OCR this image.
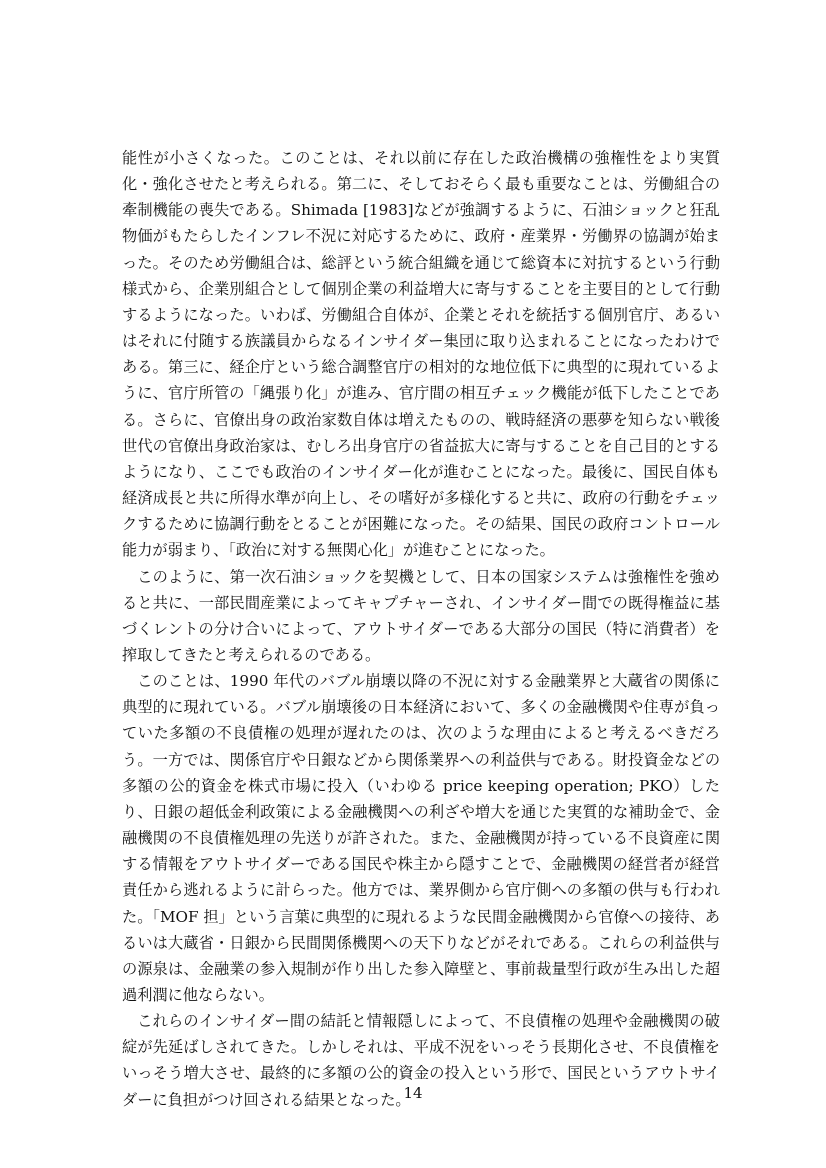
能性が小さくなった。このことは、それ以前に存在した政治機構の強権性をより実質化・強化させたと考えられる。第二に、そしておそらく最も重要なことは、労働組合の牽制機能の喪失である。Shimada [1983]などが強調するように、石油ショックと狂乱物価がもたらしたインフレ不況に対応するために、政府・産業界・労働界の協調が始まった。そのため労働組合は、総評という統合組織を通じて総資本に対抗するという行動様式から、企業別組合として個別企業の利益増大に寄与することを主要目的として行動するようになった。いわば、労働組合自体が、企業とそれを統括する個別官庁、あるいはそれに付随する族議員からなるインサイダー集団に取り込まれることになったわけである。第三に、経企庁という総合調整官庁の相対的な地位低下に典型的に現れているように、官庁所管の「縄張り化」が進み、官庁間の相互チェック機能が低下したことである。さらに、官僚出身の政治家数自体は増えたものの、戦時経済の悪夢を知らない戦後世代の官僚出身政治家は、むしろ出身官庁の省益拡大に寄与することを自己目的とするようになり、ここでも政治のインサイダー化が進むことになった。最後に、国民自体も経済成長と共に所得水準が向上し、その嗜好が多様化すると共に、政府の行動をチェックするために協調行動をとることが困難になった。その結果、国民の政府コントロール能力が弱まり、「政治に対する無関心化」が進むことになった。

このように、第一次石油ショックを契機として、日本の国家システムは強権性を強めると共に、一部民間産業によってキャプチャーされ、インサイダー間での既得権益に基づくレントの分け合いによって、アウトサイダーである大部分の国民（特に消費者）を搾取してきたと考えられるのである。

このことは、1990 年代のバブル崩壊以降の不況に対する金融業界と大蔵省の関係に典型的に現れている。バブル崩壊後の日本経済において、多くの金融機関や住専が負っていた多額の不良債権の処理が遅れたのは、次のような理由によると考えるべきだろう。一方では、関係官庁や日銀などから関係業界への利益供与である。財投資金などの多額の公的資金を株式市場に投入（いわゆる price keeping operation; PKO）したり、日銀の超低金利政策による金融機関への利ざや増大を通じた実質的な補助金で、金融機関の不良債権処理の先送りが許された。また、金融機関が持っている不良資産に関する情報をアウトサイダーである国民や株主から隠すことで、金融機関の経営者が経営責任から逃れるように計らった。他方では、業界側から官庁側への多額の供与も行われた。「MOF 担」という言葉に典型的に現れるような民間金融機関から官僚への接待、あるいは大蔵省・日銀から民間関係機関への天下りなどがそれである。これらの利益供与の源泉は、金融業の参入規制が作り出した参入障壁と、事前裁量型行政が生み出した超過利潤に他ならない。

これらのインサイダー間の結託と情報隠しによって、不良債権の処理や金融機関の破綻が先延ばしされてきた。しかしそれは、平成不況をいっそう長期化させ、不良債権をいっそう増大させ、最終的に多額の公的資金の投入という形で、国民というアウトサイダーに負担がつけ回される結果となった。

14
